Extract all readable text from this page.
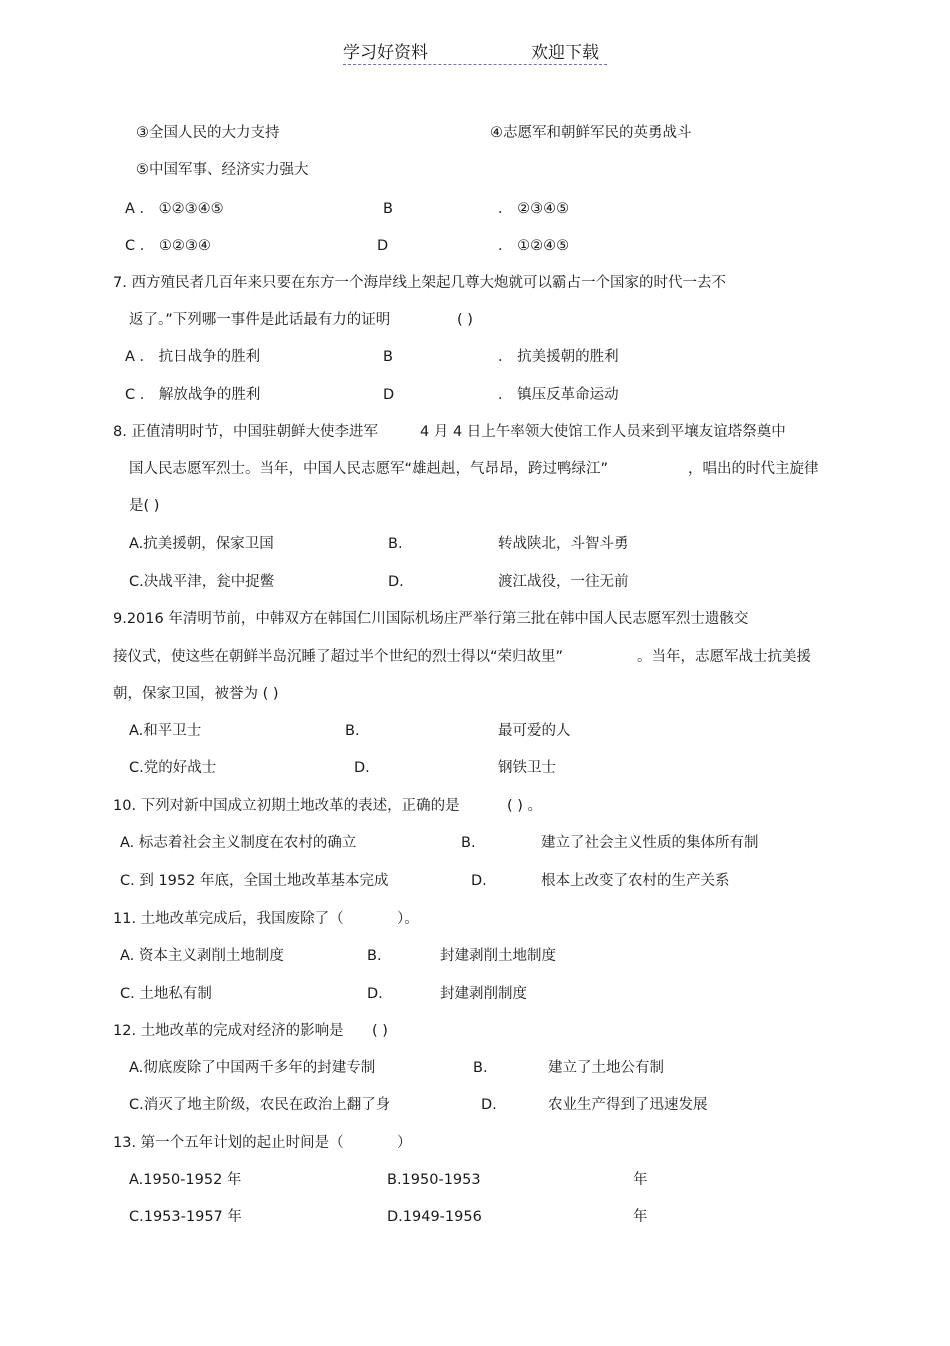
学习好资料	欢迎下载
③全国人民的大力支持	④志愿军和朝鲜军民的英勇战斗
⑤中国军事、经济实力强大
A ． ①②③④⑤	B	． ②③④⑤
C ． ①②③④	D	． ①②④⑤
7. 西方殖民者几百年来只要在东方一个海岸线上架起几尊大炮就可以霸占一个国家的时代一去不
返了。”下列哪一事件是此话最有力的证明	( )
A ． 抗日战争的胜利	B	． 抗美援朝的胜利
C ． 解放战争的胜利	D	． 镇压反革命运动
8. 正值清明时节，中国驻朝鲜大使李进军	4 月 4 日上午率领大使馆工作人员来到平壤友谊塔祭奠中
国人民志愿军烈士。当年，中国人民志愿军“雄赳赳，气昂昂，跨过鸭绿江”	，唱出的时代主旋律
是( )
A.抗美援朝，保家卫国	B.	转战陕北，斗智斗勇
C.决战平津，瓮中捉鳖	D.	渡江战役，一往无前
9.2016 年清明节前，中韩双方在韩国仁川国际机场庄严举行第三批在韩中国人民志愿军烈士遗骸交
接仪式，使这些在朝鲜半岛沉睡了超过半个世纪的烈士得以“荣归故里”	。当年，志愿军战士抗美援
朝，保家卫国，被誉为 ( )
A.和平卫士	B.	最可爱的人
C.党的好战士	D.	钢铁卫士
10. 下列对新中国成立初期土地改革的表述，正确的是	( ) 。
A. 标志着社会主义制度在农村的确立	B.	建立了社会主义性质的集体所有制
C. 到 1952 年底，全国土地改革基本完成	D.	根本上改变了农村的生产关系
11. 土地改革完成后，我国废除了（	）。
A. 资本主义剥削土地制度	B.	封建剥削土地制度
C. 土地私有制	D.	封建剥削制度
12. 土地改革的完成对经济的影响是 ( )
A.彻底废除了中国两千多年的封建专制	B.	建立了土地公有制
C.消灭了地主阶级，农民在政治上翻了身	D.	农业生产得到了迅速发展
13. 第一个五年计划的起止时间是（	）
A.1950-1952 年	B.1950-1953	年
C.1953-1957 年	D.1949-1956	年
